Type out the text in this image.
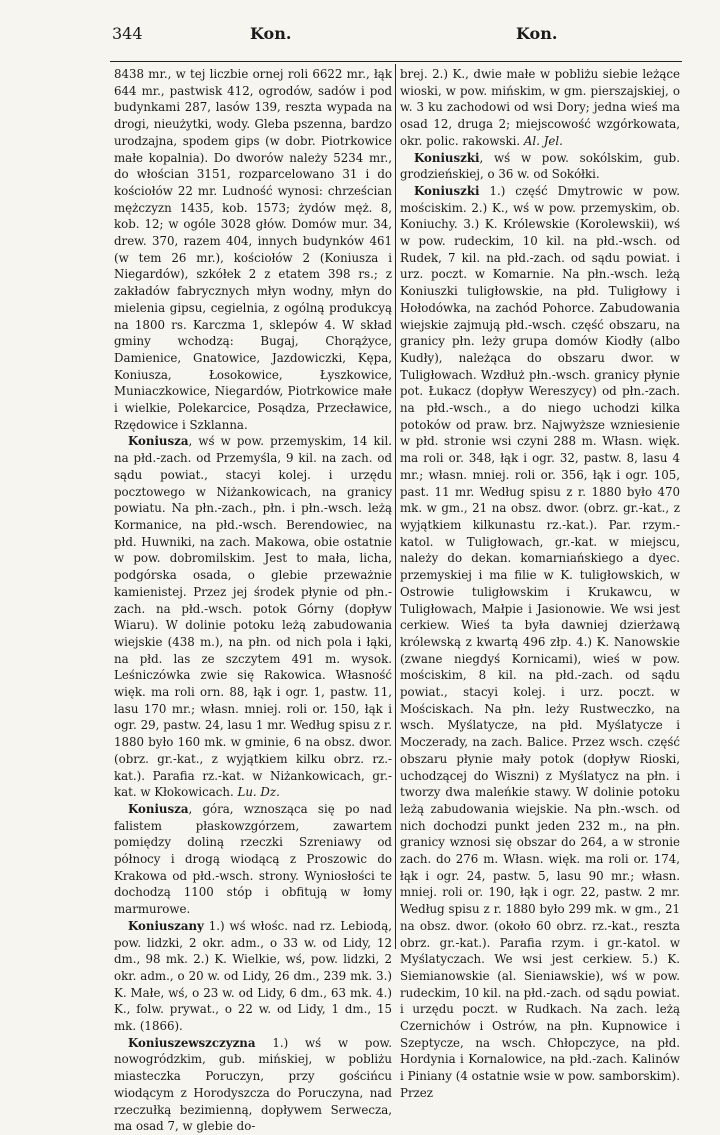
344	Kon.	Kon.

8438 mr., w tej liczbie ornej roli 6622 mr., łąk 644 mr., pastwisk 412, ogrodów, sadów i pod budynkami 287, lasów 139, reszta wypada na drogi, nieużytki, wody. Gleba pszenna, bardzo urodzajna, spodem gips (w dobr. Piotrkowice małe kopalnia). Do dworów należy 5234 mr., do włościan 3151, rozparcelowano 31 i do kościołów 22 mr. Ludność wynosi: chrześcian mężczyzn 1435, kob. 1573; żydów męż. 8, kob. 12; w ogóle 3028 głów. Domów mur. 34, drew. 370, razem 404, innych budynków 461 (w tem 26 mr.), kościołów 2 (Koniusza i Niegardów), szkółek 2 z etatem 398 rs.; z zakładów fabrycznych młyn wodny, młyn do mielenia gipsu, cegielnia, z ogólną produkcyą na 1800 rs. Karczma 1, sklepów 4. W skład gminy wchodzą: Bugaj, Chorążyce, Damienice, Gnatowice, Jazdowiczki, Kępa, Koniusza, Łosokowice, Łyszkowice, Muniaczkowice, Niegardów, Piotrkowice małe i wielkie, Polekarcice, Posądza, Przecławice, Rzędowice i Szklanna.

Koniusza, wś w pow. przemyskim, 14 kil. na płd.-zach. od Przemyśla, 9 kil. na zach. od sądu powiat., stacyi kolej. i urzędu pocztowego w Niżankowicach, na granicy powiatu. Na płn.-zach., płn. i płn.-wsch. leżą Kormanice, na płd.-wsch. Berendowiec, na płd. Huwniki, na zach. Makowa, obie ostatnie w pow. dobromilskim. Jest to mała, licha, podgórska osada, o glebie przeważnie kamienistej. Przez jej środek płynie od płn.-zach. na płd.-wsch. potok Górny (dopływ Wiaru). W dolinie potoku leżą zabudowania wiejskie (438 m.), na płn. od nich pola i łąki, na płd. las ze szczytem 491 m. wysok. Leśniczówka zwie się Rakowica. Własność więk. ma roli orn. 88, łąk i ogr. 1, pastw. 11, lasu 170 mr.; własn. mniej. roli or. 150, łąk i ogr. 29, pastw. 24, lasu 1 mr. Według spisu z r. 1880 było 160 mk. w gminie, 6 na obsz. dwor. (obrz. gr.-kat., z wyjątkiem kilku obrz. rz.-kat.). Parafia rz.-kat. w Niżankowicach, gr.-kat. w Kłokowicach. Lu. Dz.

Koniusza, góra, wznosząca się po nad falistem płaskowzgórzem, zawartem pomiędzy doliną rzeczki Szreniawy od północy i drogą wiodącą z Proszowic do Krakowa od płd.-wsch. strony. Wyniosłości te dochodzą 1100 stóp i obfitują w łomy marmurowe.

Koniuszany 1.) wś włośc. nad rz. Lebiodą, pow. lidzki, 2 okr. adm., o 33 w. od Lidy, 12 dm., 98 mk. 2.) K. Wielkie, wś, pow. lidzki, 2 okr. adm., o 20 w. od Lidy, 26 dm., 239 mk. 3.) K. Małe, wś, o 23 w. od Lidy, 6 dm., 63 mk. 4.) K., folw. prywat., o 22 w. od Lidy, 1 dm., 15 mk. (1866).

Koniuszewszczyzna 1.) wś w pow. nowogródzkim, gub. mińskiej, w pobliżu miasteczka Poruczyn, przy gościńcu wiodącym z Horodyszcza do Poruczyna, nad rzeczułką bezimienną, dopływem Serwecza, ma osad 7, w glebie do-

brej. 2.) K., dwie małe w pobliżu siebie leżące wioski, w pow. mińskim, w gm. pierszajskiej, o w. 3 ku zachodowi od wsi Dory; jedna wieś ma osad 12, druga 2; miejscowość wzgórkowata, okr. polic. rakowski. Al. Jel.

Koniuszki, wś w pow. sokólskim, gub. grodzieńskiej, o 36 w. od Sokółki.

Koniuszki 1.) część Dmytrowic w pow. mościskim. 2.) K., wś w pow. przemyskim, ob. Koniuchy. 3.) K. Królewskie (Korolewskii), wś w pow. rudeckim, 10 kil. na płd.-wsch. od Rudek, 7 kil. na płd.-zach. od sądu powiat. i urz. poczt. w Komarnie. Na płn.-wsch. leżą Koniuszki tuligłowskie, na płd. Tuligłowy i Hołodówka, na zachód Pohorce. Zabudowania wiejskie zajmują płd.-wsch. część obszaru, na granicy płn. leży grupa domów Kiodły (albo Kudły), należąca do obszaru dwor. w Tuligłowach. Wzdłuż płn.-wsch. granicy płynie pot. Łukacz (dopływ Wereszycy) od płn.-zach. na płd.-wsch., a do niego uchodzi kilka potoków od praw. brz. Najwyższe wzniesienie w płd. stronie wsi czyni 288 m. Własn. więk. ma roli or. 348, łąk i ogr. 32, pastw. 8, lasu 4 mr.; własn. mniej. roli or. 356, łąk i ogr. 105, past. 11 mr. Według spisu z r. 1880 było 470 mk. w gm., 21 na obsz. dwor. (obrz. gr.-kat., z wyjątkiem kilkunastu rz.-kat.). Par. rzym.-katol. w Tuligłowach, gr.-kat. w miejscu, należy do dekan. komarniańskiego a dyec. przemyskiej i ma filie w K. tuligłowskich, w Ostrowie tuligłowskim i Krukawcu, w Tuligłowach, Małpie i Jasionowie. We wsi jest cerkiew. Wieś ta była dawniej dzierżawą królewską z kwartą 496 złp. 4.) K. Nanowskie (zwane niegdyś Kornicami), wieś w pow. mościskim, 8 kil. na płd.-zach. od sądu powiat., stacyi kolej. i urz. poczt. w Mościskach. Na płn. leży Rustweczko, na wsch. Myślatycze, na płd. Myślatycze i Moczerady, na zach. Balice. Przez wsch. część obszaru płynie mały potok (dopływ Rioski, uchodzącej do Wisznі) z Myślatycz na płn. i tworzy dwa maleńkie stawy. W dolinie potoku leżą zabudowania wiejskie. Na płn.-wsch. od nich dochodzi punkt jeden 232 m., na płn. granicy wznosi się obszar do 264, a w stronie zach. do 276 m. Własn. więk. ma roli or. 174, łąk i ogr. 24, pastw. 5, lasu 90 mr.; własn. mniej. roli or. 190, łąk i ogr. 22, pastw. 2 mr. Według spisu z r. 1880 było 299 mk. w gm., 21 na obsz. dwor. (około 60 obrz. rz.-kat., reszta obrz. gr.-kat.). Parafia rzym. i gr.-katol. w Myślatyczach. We wsi jest cerkiew. 5.) K. Siemianowskie (al. Sieniawskie), wś w pow. rudeckim, 10 kil. na płd.-zach. od sądu powiat. i urzędu poczt. w Rudkach. Na zach. leżą Czernichów i Ostrów, na płn. Kupnowice i Szeptycze, na wsch. Chłopczyce, na płd. Hordynia i Kornalowice, na płd.-zach. Kalinów i Piniany (4 ostatnie wsie w pow. samborskim). Przez
